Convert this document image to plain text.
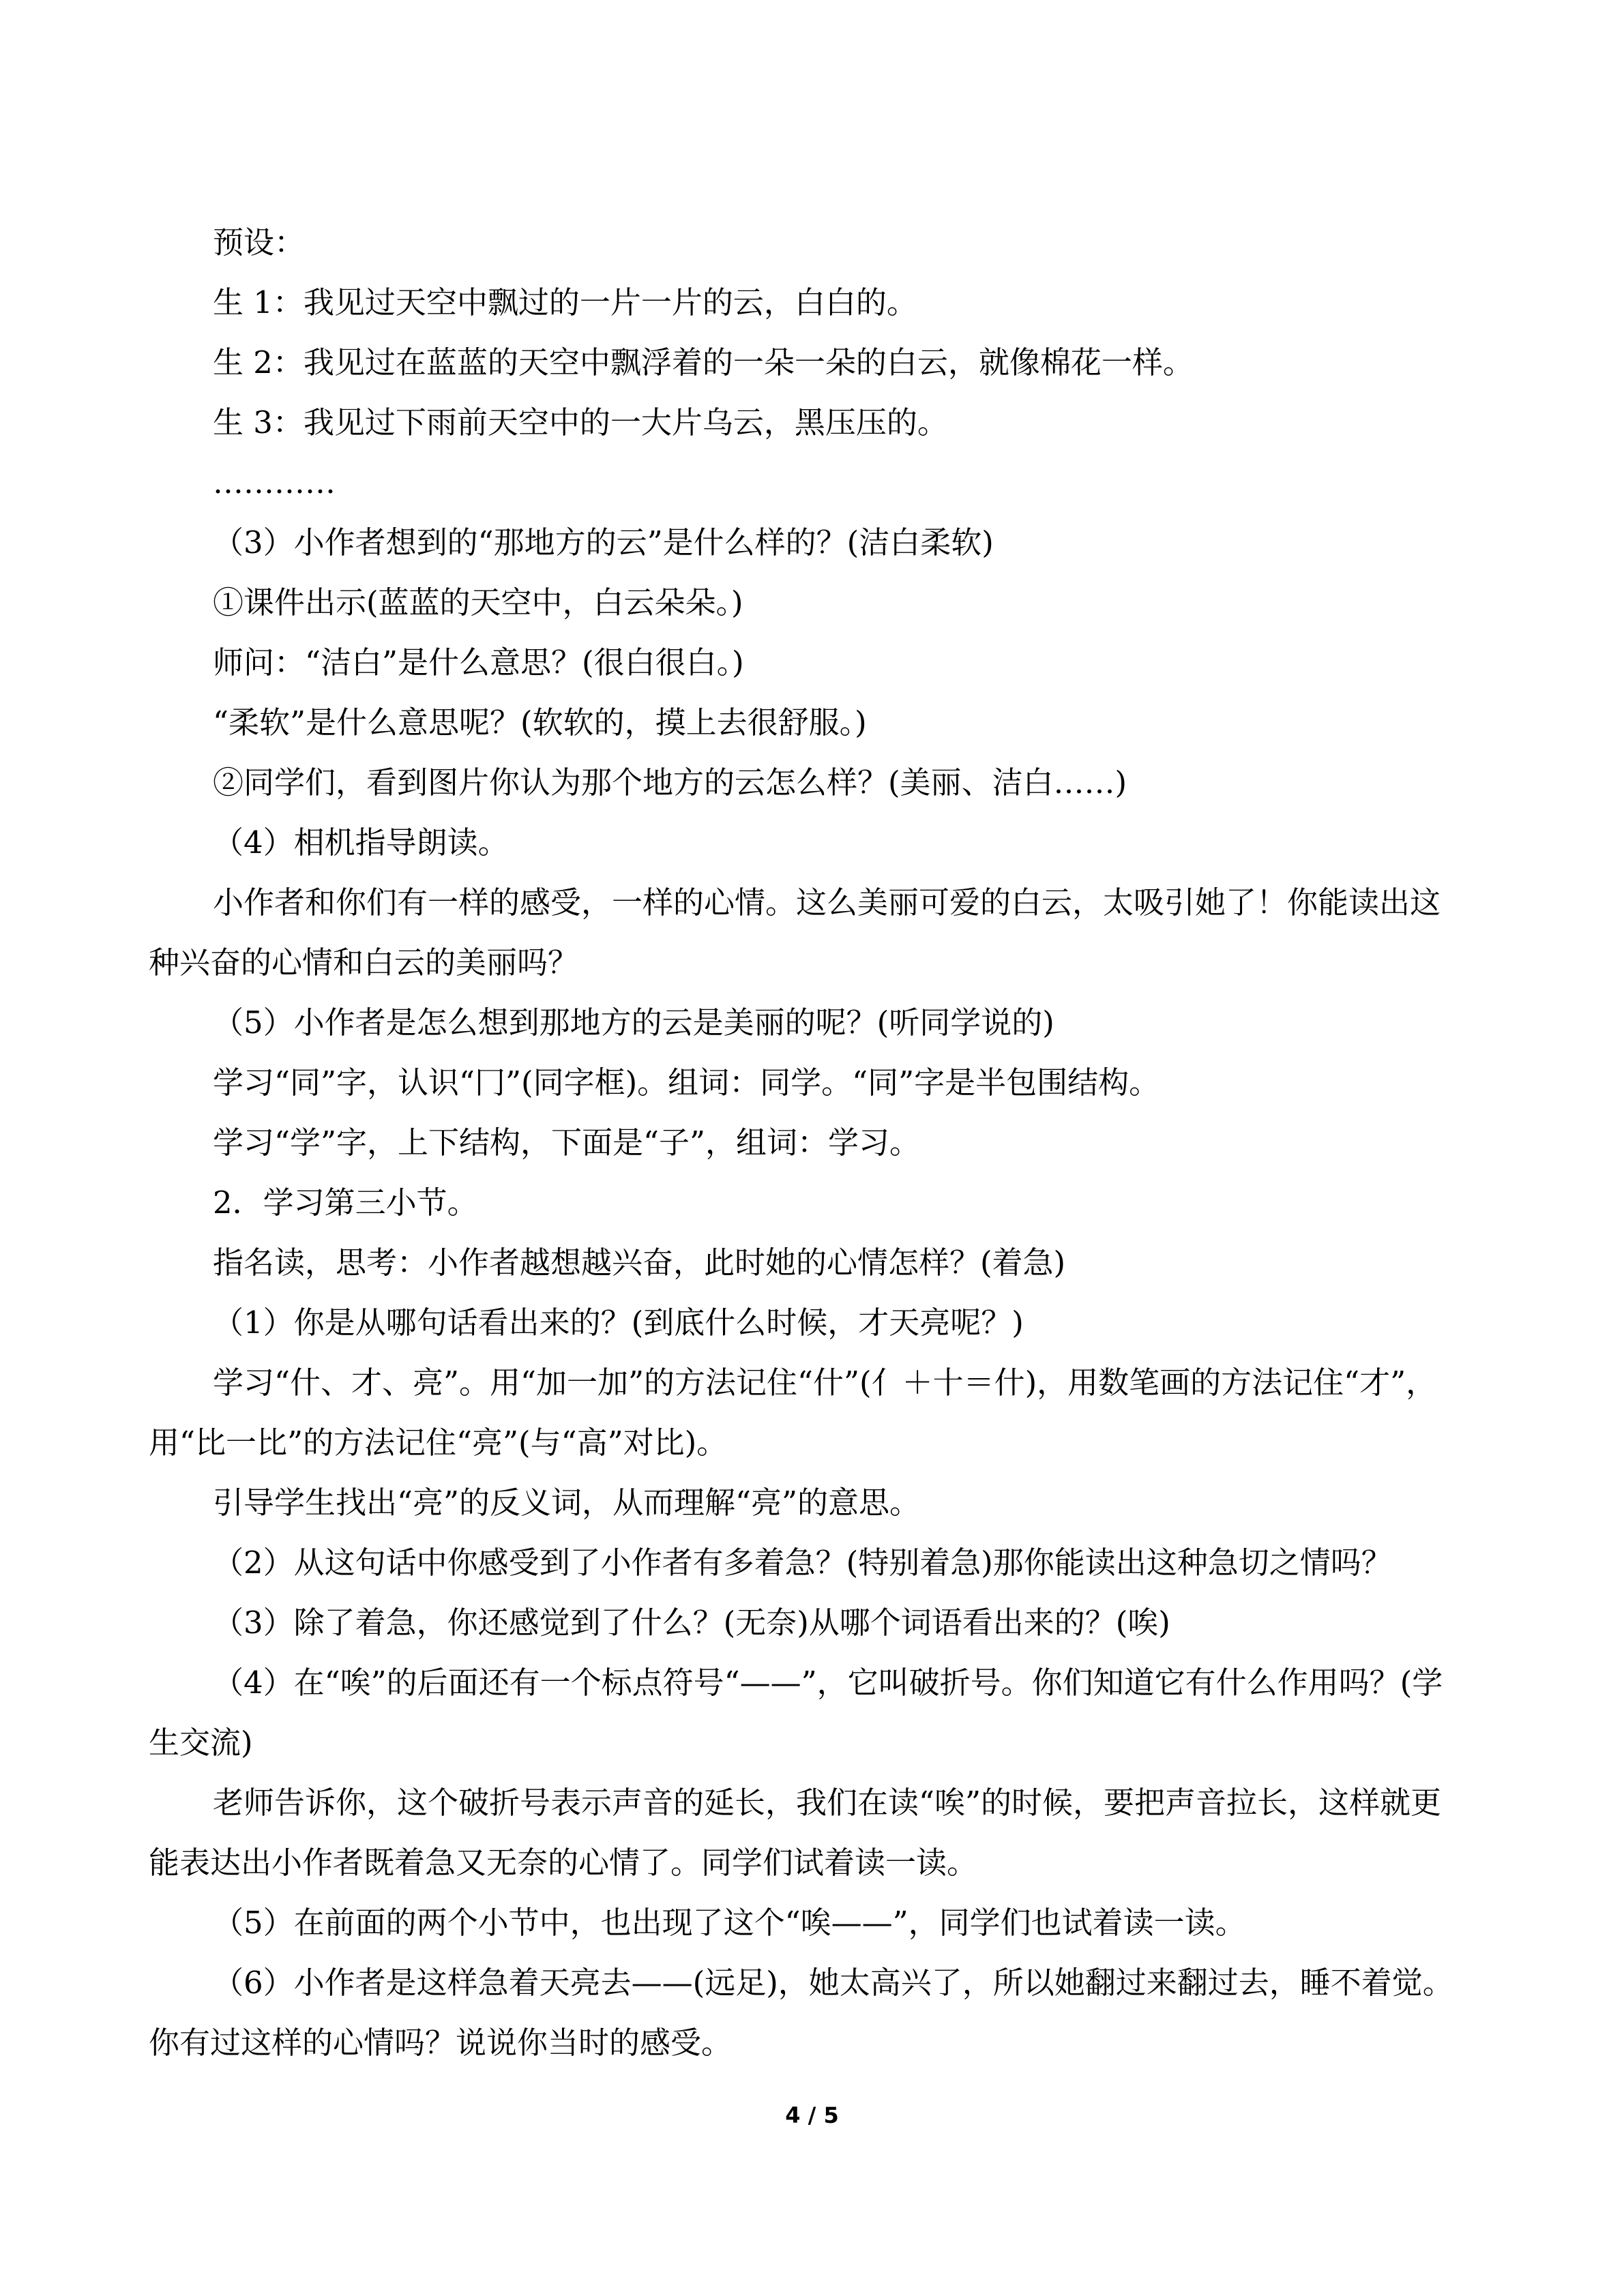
预设：

生 1：我见过天空中飘过的一片一片的云，白白的。

生 2：我见过在蓝蓝的天空中飘浮着的一朵一朵的白云，就像棉花一样。

生 3：我见过下雨前天空中的一大片乌云，黑压压的。

…………

（3）小作者想到的“那地方的云”是什么样的？(洁白柔软)

①课件出示(蓝蓝的天空中，白云朵朵。)

师问：“洁白”是什么意思？(很白很白。)

“柔软”是什么意思呢？(软软的，摸上去很舒服。)

②同学们，看到图片你认为那个地方的云怎么样？(美丽、洁白……)

（4）相机指导朗读。

小作者和你们有一样的感受，一样的心情。这么美丽可爱的白云，太吸引她了！你能读出这种兴奋的心情和白云的美丽吗？

（5）小作者是怎么想到那地方的云是美丽的呢？(听同学说的)

学习“同”字，认识“冂”(同字框)。组词：同学。“同”字是半包围结构。

学习“学”字，上下结构，下面是“子”，组词：学习。

2．学习第三小节。

指名读，思考：小作者越想越兴奋，此时她的心情怎样？(着急)

（1）你是从哪句话看出来的？(到底什么时候，才天亮呢？)

学习“什、才、亮”。用“加一加”的方法记住“什”(亻＋十＝什)，用数笔画的方法记住“才”，用“比一比”的方法记住“亮”(与“高”对比)。

引导学生找出“亮”的反义词，从而理解“亮”的意思。

（2）从这句话中你感受到了小作者有多着急？(特别着急)那你能读出这种急切之情吗？

（3）除了着急，你还感觉到了什么？(无奈)从哪个词语看出来的？(唉)

（4）在“唉”的后面还有一个标点符号“——”，它叫破折号。你们知道它有什么作用吗？(学生交流)

老师告诉你，这个破折号表示声音的延长，我们在读“唉”的时候，要把声音拉长，这样就更能表达出小作者既着急又无奈的心情了。同学们试着读一读。

（5）在前面的两个小节中，也出现了这个“唉——”，同学们也试着读一读。

（6）小作者是这样急着天亮去——(远足)，她太高兴了，所以她翻过来翻过去，睡不着觉。你有过这样的心情吗？说说你当时的感受。

4 / 5
